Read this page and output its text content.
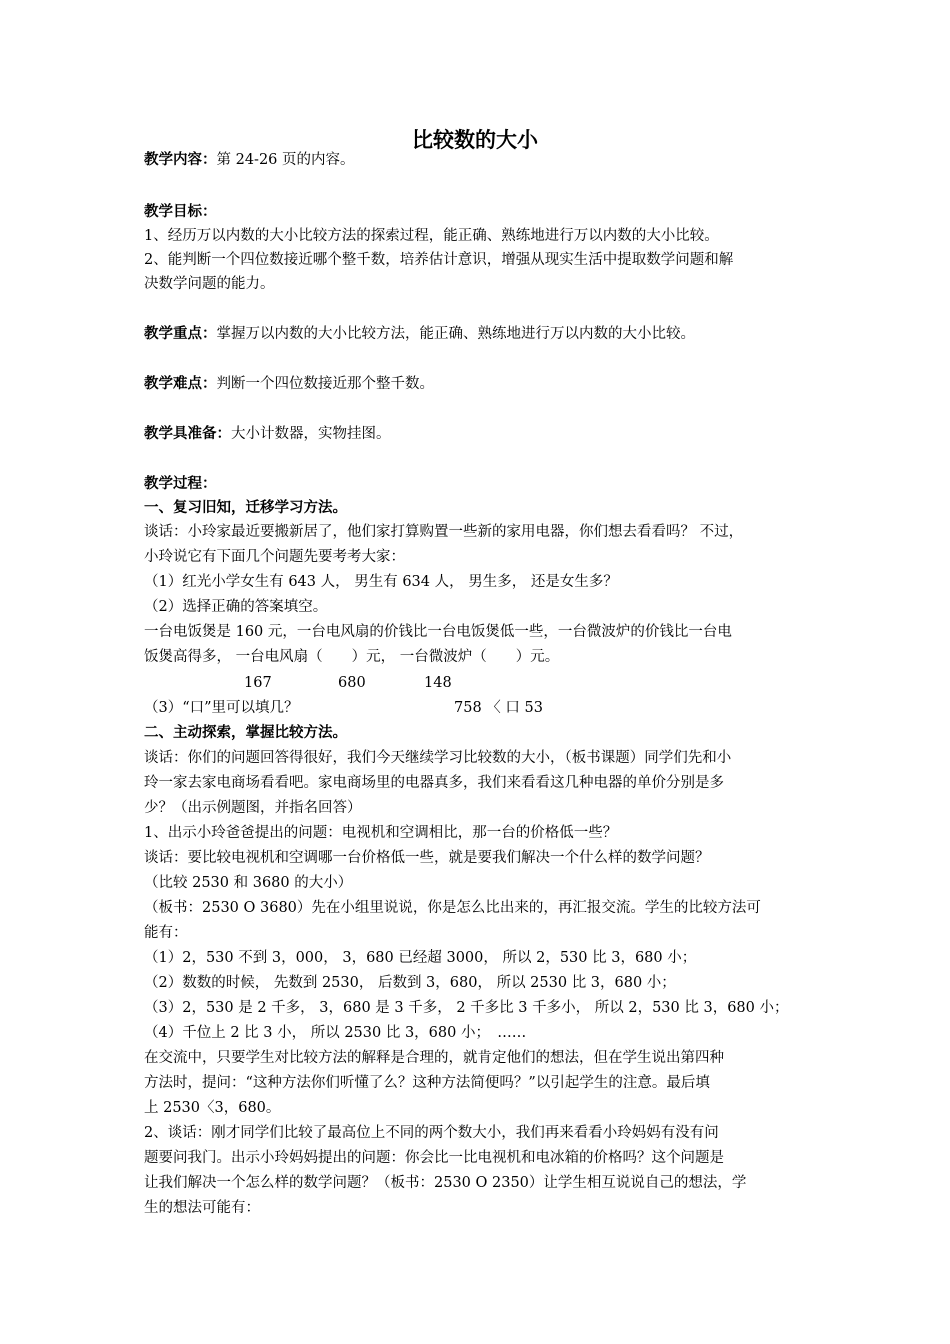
比较数的大小
教学内容：第 24-26 页的内容。
教学目标：
1、经历万以内数的大小比较方法的探索过程，能正确、熟练地进行万以内数的大小比较。
2、能判断一个四位数接近哪个整千数，培养估计意识，增强从现实生活中提取数学问题和解
决数学问题的能力。
教学重点：掌握万以内数的大小比较方法，能正确、熟练地进行万以内数的大小比较。
教学难点：判断一个四位数接近那个整千数。
教学具准备：大小计数器，实物挂图。
教学过程：
一、复习旧知，迁移学习方法。
谈话：小玲家最近要搬新居了，他们家打算购置一些新的家用电器，你们想去看看吗？ 不过，
小玲说它有下面几个问题先要考考大家：
（1）红光小学女生有 643 人， 男生有 634 人， 男生多， 还是女生多？
（2）选择正确的答案填空。
一台电饭煲是 160 元，一台电风扇的价钱比一台电饭煲低一些，一台微波炉的价钱比一台电
饭煲高得多， 一台电风扇（　　）元， 一台微波炉（　　）元。
167	680	148
（3）“口”里可以填几？	758 〈 口 53
二、主动探索，掌握比较方法。
谈话：你们的问题回答得很好，我们今天继续学习比较数的大小，（板书课题）同学们先和小
玲一家去家电商场看看吧。家电商场里的电器真多，我们来看看这几种电器的单价分别是多
少？（出示例题图，并指名回答）
1、出示小玲爸爸提出的问题：电视机和空调相比，那一台的价格低一些？
谈话：要比较电视机和空调哪一台价格低一些，就是要我们解决一个什么样的数学问题？
（比较 2530 和 3680 的大小）
（板书：2530 O 3680）先在小组里说说，你是怎么比出来的，再汇报交流。学生的比较方法可
能有：
（1）2，530 不到 3，000， 3，680 已经超 3000， 所以 2，530 比 3，680 小；
（2）数数的时候， 先数到 2530， 后数到 3，680， 所以 2530 比 3，680 小；
（3）2，530 是 2 千多， 3，680 是 3 千多， 2 千多比 3 千多小， 所以 2，530 比 3，680 小；
（4）千位上 2 比 3 小， 所以 2530 比 3，680 小；　……
在交流中，只要学生对比较方法的解释是合理的，就肯定他们的想法，但在学生说出第四种
方法时，提问：“这种方法你们听懂了么？这种方法简便吗？”以引起学生的注意。最后填
上 2530〈3，680。
2、谈话：刚才同学们比较了最高位上不同的两个数大小，我们再来看看小玲妈妈有没有问
题要问我门。出示小玲妈妈提出的问题：你会比一比电视机和电冰箱的价格吗？这个问题是
让我们解决一个怎么样的数学问题？（板书：2530 O 2350）让学生相互说说自己的想法，学
生的想法可能有：
